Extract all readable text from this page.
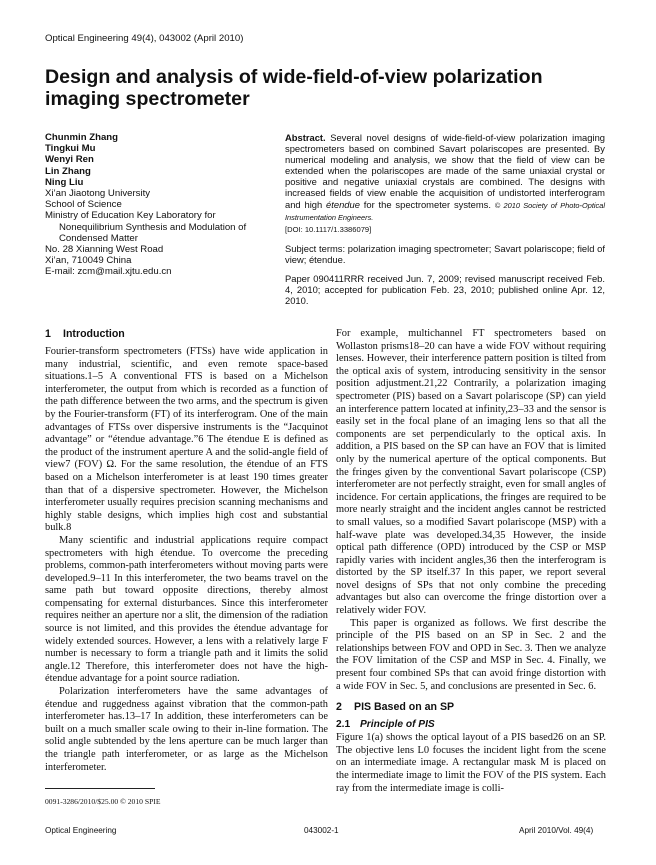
Optical Engineering 49(4), 043002 (April 2010)
Design and analysis of wide-field-of-view polarization imaging spectrometer
Chunmin Zhang
Tingkui Mu
Wenyi Ren
Lin Zhang
Ning Liu
Xi’an Jiaotong University
School of Science
Ministry of Education Key Laboratory for
Nonequilibrium Synthesis and Modulation of
Condensed Matter
No. 28 Xianning West Road
Xi’an, 710049 China
E-mail: zcm@mail.xjtu.edu.cn

Abstract. Several novel designs of wide-field-of-view polarization imaging spectrometers based on combined Savart polariscopes are presented. By numerical modeling and analysis, we show that the field of view can be extended when the polariscopes are made of the same uniaxial crystal or positive and negative uniaxial crystals are combined. The designs with increased fields of view enable the acquisition of undistorted interferogram and high étendue for the spectrometer systems. © 2010 Society of Photo-Optical Instrumentation Engineers.
[DOI: 10.1117/1.3386079]

Subject terms: polarization imaging spectrometer; Savart polariscope; field of view; étendue.

Paper 090411RRR received Jun. 7, 2009; revised manuscript received Feb. 4, 2010; accepted for publication Feb. 23, 2010; published online Apr. 12, 2010.

1 Introduction

Fourier-transform spectrometers (FTSs) have wide application in many industrial, scientific, and even remote space-based situations.1–5 A conventional FTS is based on a Michelson interferometer, the output from which is recorded as a function of the path difference between the two arms, and the spectrum is given by the Fourier-transform (FT) of its interferogram. One of the main advantages of FTSs over dispersive instruments is the “Jacquinot advantage” or “étendue advantage.”6 The étendue E is defined as the product of the instrument aperture A and the solid-angle field of view7 (FOV) Ω. For the same resolution, the étendue of an FTS based on a Michelson interferometer is at least 190 times greater than that of a dispersive spectrometer. However, the Michelson interferometer usually requires precision scanning mechanisms and highly stable designs, which implies high cost and substantial bulk.8

Many scientific and industrial applications require compact spectrometers with high étendue. To overcome the preceding problems, common-path interferometers without moving parts were developed.9–11 In this interferometer, the two beams travel on the same path but toward opposite directions, thereby almost compensating for external disturbances. Since this interferometer requires neither an aperture nor a slit, the dimension of the radiation source is not limited, and this provides the étendue advantage for widely extended sources. However, a lens with a relatively large F number is necessary to form a triangle path and it limits the solid angle.12 Therefore, this interferometer does not have the high-étendue advantage for a point source radiation.

Polarization interferometers have the same advantages of étendue and ruggedness against vibration that the common-path interferometer has.13–17 In addition, these interferometers can be built on a much smaller scale owing to their in-line formation. The solid angle subtended by the lens aperture can be much larger than the triangle path interferometer, or as large as the Michelson interferometer.

For example, multichannel FT spectrometers based on Wollaston prisms18–20 can have a wide FOV without requiring lenses. However, their interference pattern position is tilted from the optical axis of system, introducing sensitivity in the sensor position adjustment.21,22 Contrarily, a polarization imaging spectrometer (PIS) based on a Savart polariscope (SP) can yield an interference pattern located at infinity,23–33 and the sensor is easily set in the focal plane of an imaging lens so that all the components are set perpendicularly to the optical axis. In addition, a PIS based on the SP can have an FOV that is limited only by the numerical aperture of the optical components. But the fringes given by the conventional Savart polariscope (CSP) interferometer are not perfectly straight, even for small angles of incidence. For certain applications, the fringes are required to be more nearly straight and the incident angles cannot be restricted to small values, so a modified Savart polariscope (MSP) with a half-wave plate was developed.34,35 However, the inside optical path difference (OPD) introduced by the CSP or MSP rapidly varies with incident angles,36 then the interferogram is distorted by the SP itself.37 In this paper, we report several novel designs of SPs that not only combine the preceding advantages but also can overcome the fringe distortion over a relatively wider FOV.

This paper is organized as follows. We first describe the principle of the PIS based on an SP in Sec. 2 and the relationships between FOV and OPD in Sec. 3. Then we analyze the FOV limitation of the CSP and MSP in Sec. 4. Finally, we present four combined SPs that can avoid fringe distortion with a wide FOV in Sec. 5, and conclusions are presented in Sec. 6.

2 PIS Based on an SP
2.1 Principle of PIS

Figure 1(a) shows the optical layout of a PIS based26 on an SP. The objective lens L0 focuses the incident light from the scene on an intermediate image. A rectangular mask M is placed on the intermediate image to limit the FOV of the PIS system. Each ray from the intermediate image is colli-

0091-3286/2010/$25.00 © 2010 SPIE
Optical Engineering	043002-1	April 2010/Vol. 49(4)
